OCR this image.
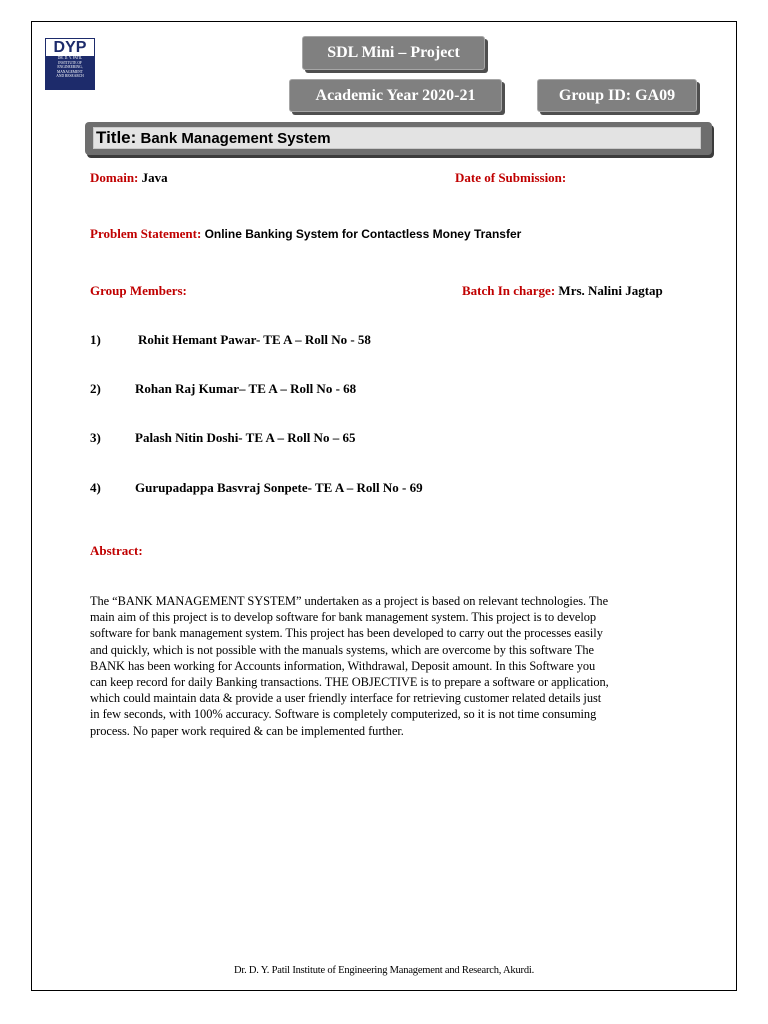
DYP
DR. D. Y. PATIL
INSTITUTE OF
ENGINEERING,
MANAGEMENT
AND RESEARCH
SDL Mini – Project
Academic Year 2020-21	Group ID: GA09
Title: Bank Management System
Domain: Java	Date of Submission:
Problem Statement: Online Banking System for Contactless Money Transfer
Group Members:	Batch In charge: Mrs. Nalini Jagtap
1)	Rohit Hemant Pawar- TE A – Roll No - 58
2)	Rohan Raj Kumar– TE A – Roll No - 68
3)	Palash Nitin Doshi- TE A – Roll No – 65
4)	Gurupadappa Basvraj Sonpete- TE A – Roll No - 69
Abstract:
The “BANK MANAGEMENT SYSTEM” undertaken as a project is based on relevant technologies. The
main aim of this project is to develop software for bank management system. This project is to develop
software for bank management system. This project has been developed to carry out the processes easily
and quickly, which is not possible with the manuals systems, which are overcome by this software The
BANK has been working for Accounts information, Withdrawal, Deposit amount. In this Software you
can keep record for daily Banking transactions. THE OBJECTIVE is to prepare a software or application,
which could maintain data & provide a user friendly interface for retrieving customer related details just
in few seconds, with 100% accuracy. Software is completely computerized, so it is not time consuming
process. No paper work required & can be implemented further.
Dr. D. Y. Patil Institute of Engineering Management and Research, Akurdi.
